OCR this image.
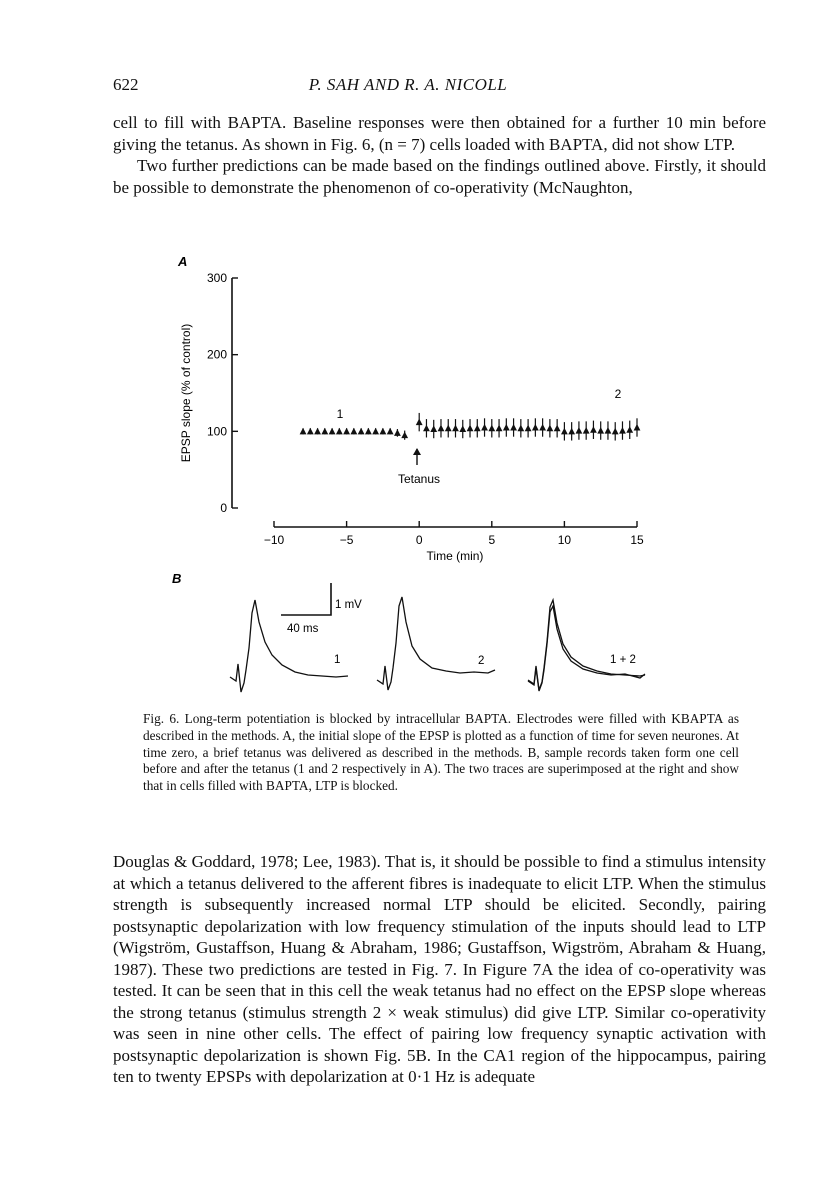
622	P. SAH AND R. A. NICOLL

cell to fill with BAPTA. Baseline responses were then obtained for a further 10 min before giving the tetanus. As shown in Fig. 6, (n = 7) cells loaded with BAPTA, did not show LTP.

Two further predictions can be made based on the findings outlined above. Firstly, it should be possible to demonstrate the phenomenon of co-operativity (McNaughton,

A
B
EPSP slope (% of control)
0
100
200
300
−10	−5	0	5	10	15
Time (min)
1
2
Tetanus
1 mV
40 ms
1	2	1 + 2

Fig. 6. Long-term potentiation is blocked by intracellular BAPTA. Electrodes were filled with KBAPTA as described in the methods. A, the initial slope of the EPSP is plotted as a function of time for seven neurones. At time zero, a brief tetanus was delivered as described in the methods. B, sample records taken form one cell before and after the tetanus (1 and 2 respectively in A). The two traces are superimposed at the right and show that in cells filled with BAPTA, LTP is blocked.

Douglas & Goddard, 1978; Lee, 1983). That is, it should be possible to find a stimulus intensity at which a tetanus delivered to the afferent fibres is inadequate to elicit LTP. When the stimulus strength is subsequently increased normal LTP should be elicited. Secondly, pairing postsynaptic depolarization with low frequency stimulation of the inputs should lead to LTP (Wigström, Gustaffson, Huang & Abraham, 1986; Gustaffson, Wigström, Abraham & Huang, 1987). These two predictions are tested in Fig. 7. In Figure 7A the idea of co-operativity was tested. It can be seen that in this cell the weak tetanus had no effect on the EPSP slope whereas the strong tetanus (stimulus strength 2 × weak stimulus) did give LTP. Similar co-operativity was seen in nine other cells. The effect of pairing low frequency synaptic activation with postsynaptic depolarization is shown Fig. 5B. In the CA1 region of the hippocampus, pairing ten to twenty EPSPs with depolarization at 0·1 Hz is adequate
